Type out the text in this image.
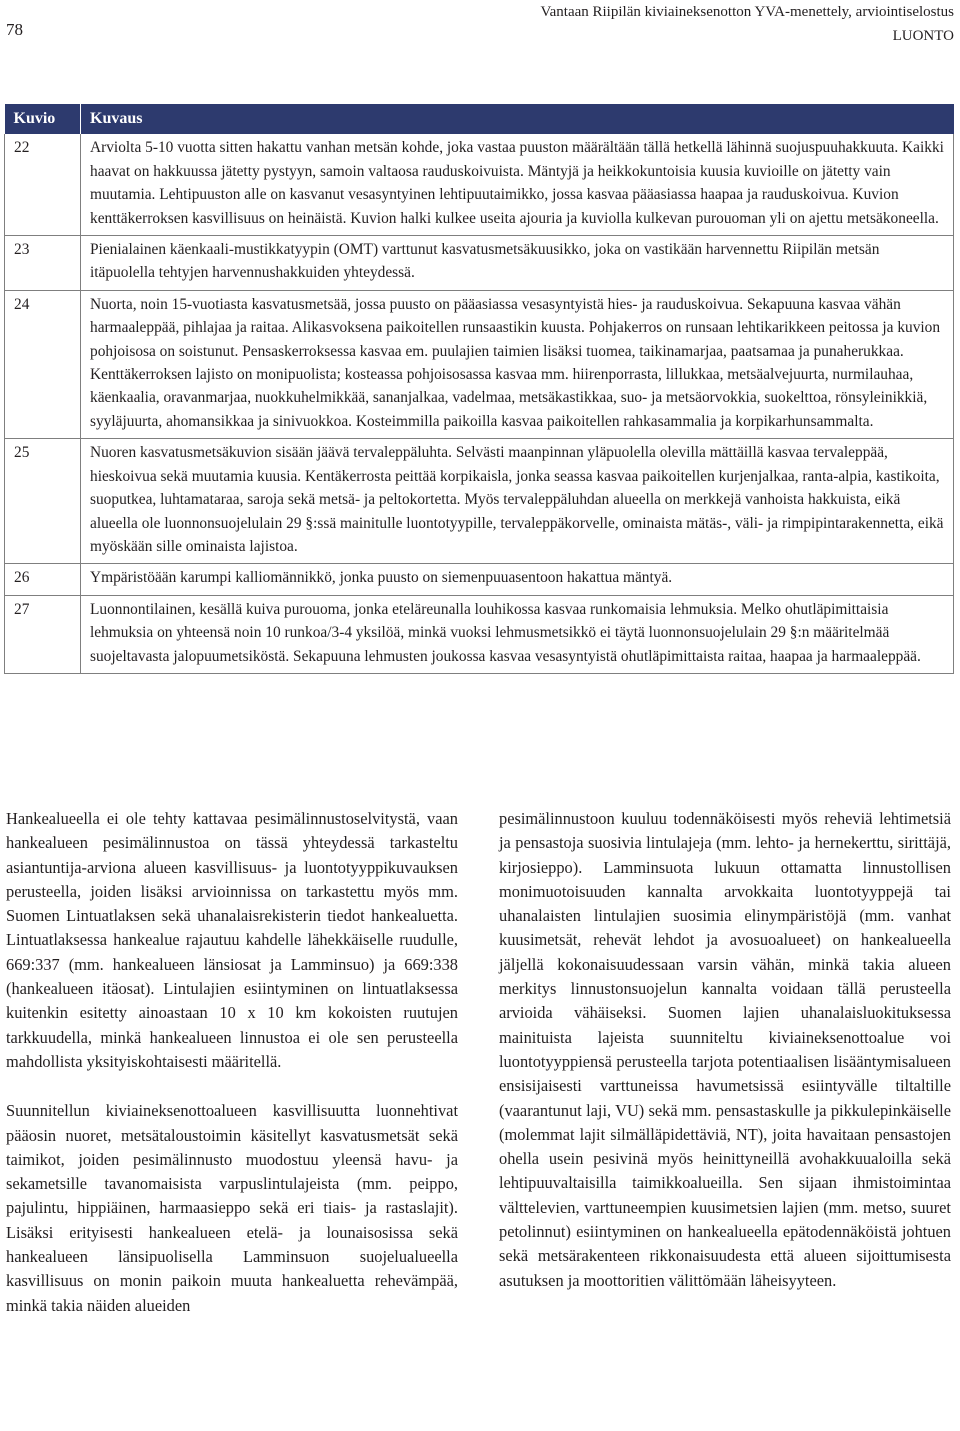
Vantaan Riipilän kiviaineksenotton YVA-menettely, arviointiselostus
LUONTO
78
Kuvio	Kuvaus
22	Arviolta 5-10 vuotta sitten hakattu vanhan metsän kohde, joka vastaa puuston määrältään tällä hetkellä lähinnä suojuspuuhakkuuta. Kaikki haavat on hakkuussa jätetty pystyyn, samoin valtaosa rauduskoivuista. Mäntyjä ja heikkokuntoisia kuusia kuvioille on jätetty vain muutamia. Lehtipuuston alle on kasvanut vesasyntyinen lehtipuutaimikko, jossa kasvaa pääasiassa haapaa ja rauduskoivua. Kuvion kenttäkerroksen kasvillisuus on heinäistä. Kuvion halki kulkee useita ajouria ja kuviolla kulkevan purouoman yli on ajettu metsäkoneella.
23	Pienialainen käenkaali-mustikkatyypin (OMT) varttunut kasvatusmetsäkuusikko, joka on vastikään harvennettu Riipilän metsän itäpuolella tehtyjen harvennushakkuiden yhteydessä.
24	Nuorta, noin 15-vuotiasta kasvatusmetsää, jossa puusto on pääasiassa vesasyntyistä hies- ja rauduskoivua. Sekapuuna kasvaa vähän harmaaleppää, pihlajaa ja raitaa. Alikasvoksena paikoitellen runsaastikin kuusta. Pohjakerros on runsaan lehtikarikkeen peitossa ja kuvion pohjoisosa on soistunut. Pensaskerroksessa kasvaa em. puulajien taimien lisäksi tuomea, taikinamarjaa, paatsamaa ja punaherukkaa. Kenttäkerroksen lajisto on monipuolista; kosteassa pohjoisosassa kasvaa mm. hiirenporrasta, lillukkaa, metsäalvejuurta, nurmilauhaa, käenkaalia, oravanmarjaa, nuokkuhelmikkää, sananjalkaa, vadelmaa, metsäkastikkaa, suo- ja metsäorvokkia, suokelttoa, rönsyleinikkiä, syyläjuurta, ahomansikkaa ja sinivuokkoa. Kosteimmilla paikoilla kasvaa paikoitellen rahkasammalia ja korpikarhunsammalta.
25	Nuoren kasvatusmetsäkuvion sisään jäävä tervaleppäluhta. Selvästi maanpinnan yläpuolella olevilla mättäillä kasvaa tervaleppää, hieskoivua sekä muutamia kuusia. Kentäkerrosta peittää korpikaisla, jonka seassa kasvaa paikoitellen kurjenjalkaa, ranta-alpia, kastikoita, suoputkea, luhtamataraa, saroja sekä metsä- ja peltokortetta. Myös tervaleppäluhdan alueella on merkkejä vanhoista hakkuista, eikä alueella ole luonnonsuojelulain 29 §:ssä mainitulle luontotyypille, tervaleppäkorvelle, ominaista mätäs-, väli- ja rimpipintarakennetta, eikä myöskään sille ominaista lajistoa.
26	Ympäristöään karumpi kalliomännikkö, jonka puusto on siemenpuuasentoon hakattua mäntyä.
27	Luonnontilainen, kesällä kuiva purouoma, jonka eteläreunalla louhikossa kasvaa runkomaisia lehmuksia. Melko ohutläpimittaisia lehmuksia on yhteensä noin 10 runkoa/3-4 yksilöä, minkä vuoksi lehmusmetsikkö ei täytä luonnonsuojelulain 29 §:n määritelmää suojeltavasta jalopuumetsiköstä. Sekapuuna lehmusten joukossa kasvaa vesasyntyistä ohutläpimittaista raitaa, haapaa ja harmaaleppää.

Hankealueella ei ole tehty kattavaa pesimälinnustoselvitystä, vaan hankealueen pesimälinnustoa on tässä yhteydessä tarkasteltu asiantuntija-arviona alueen kasvillisuus- ja luontotyyppikuvauksen perusteella, joiden lisäksi arvioinnissa on tarkastettu myös mm. Suomen Lintuatlaksen sekä uhanalaisrekisterin tiedot hankealuetta. Lintuatlaksessa hankealue rajautuu kahdelle lähekkäiselle ruudulle, 669:337 (mm. hankealueen länsiosat ja Lamminsuo) ja 669:338 (hankealueen itäosat). Lintulajien esiintyminen on lintuatlaksessa kuitenkin esitetty ainoastaan 10 x 10 km kokoisten ruutujen tarkkuudella, minkä hankealueen linnustoa ei ole sen perusteella mahdollista yksityiskohtaisesti määritellä.

Suunnitellun kiviaineksenottoalueen kasvillisuutta luonnehtivat pääosin nuoret, metsätaloustoimin käsitellyt kasvatusmetsät sekä taimikot, joiden pesimälinnusto muodostuu yleensä havu- ja sekametsille tavanomaisista varpuslintulajeista (mm. peippo, pajulintu, hippiäinen, harmaasieppo sekä eri tiais- ja rastaslajit). Lisäksi erityisesti hankealueen etelä- ja lounaisosissa sekä hankealueen länsipuolisella Lamminsuon suojelualueella kasvillisuus on monin paikoin muuta hankealuetta rehevämpää, minkä takia näiden alueiden

pesimälinnustoon kuuluu todennäköisesti myös reheviä lehtimetsiä ja pensastoja suosivia lintulajeja (mm. lehto- ja hernekerttu, sirittäjä, kirjosieppo). Lamminsuota lukuun ottamatta linnustollisen monimuotoisuuden kannalta arvokkaita luontotyyppejä tai uhanalaisten lintulajien suosimia elinympäristöjä (mm. vanhat kuusimetsät, rehevät lehdot ja avosuoalueet) on hankealueella jäljellä kokonaisuudessaan varsin vähän, minkä takia alueen merkitys linnustonsuojelun kannalta voidaan tällä perusteella arvioida vähäiseksi. Suomen lajien uhanalaisluokituksessa mainituista lajeista suunniteltu kiviaineksenottoalue voi luontotyyppiensä perusteella tarjota potentiaalisen lisääntymisalueen ensisijaisesti varttuneissa havumetsissä esiintyvälle tiltaltille (vaarantunut laji, VU) sekä mm. pensastaskulle ja pikkulepinkäiselle (molemmat lajit silmälläpidettäviä, NT), joita havaitaan pensastojen ohella usein pesivinä myös heinittyneillä avohakkuualoilla sekä lehtipuuvaltaisilla taimikkoalueilla. Sen sijaan ihmistoimintaa välttelevien, varttuneempien kuusimetsien lajien (mm. metso, suuret petolinnut) esiintyminen on hankealueella epätodennäköistä johtuen sekä metsärakenteen rikkonaisuudesta että alueen sijoittumisesta asutuksen ja moottoritien välittömään läheisyyteen.
